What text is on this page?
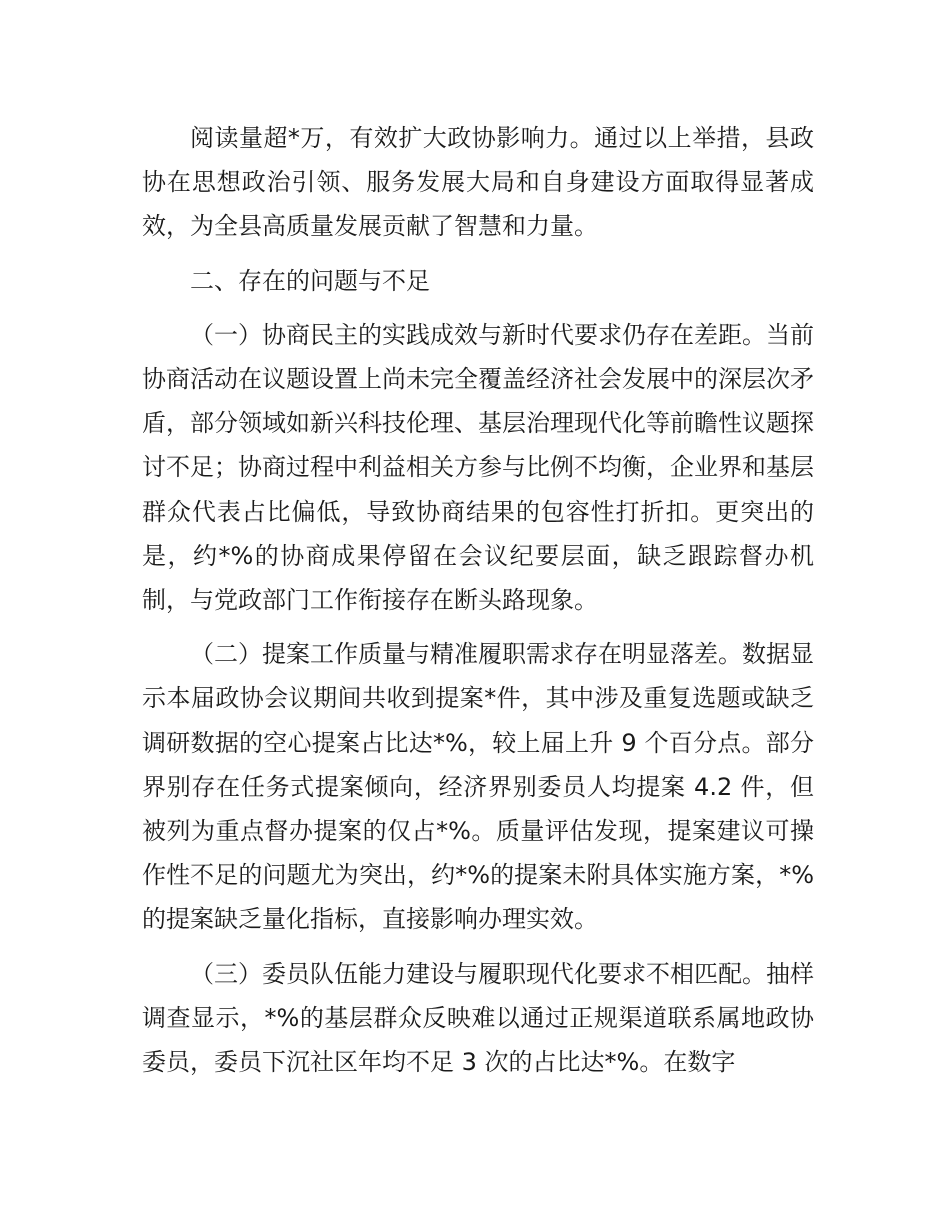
阅读量超*万，有效扩大政协影响力。通过以上举措，县政协在思想政治引领、服务发展大局和自身建设方面取得显著成效，为全县高质量发展贡献了智慧和力量。

二、存在的问题与不足

（一）协商民主的实践成效与新时代要求仍存在差距。当前协商活动在议题设置上尚未完全覆盖经济社会发展中的深层次矛盾，部分领域如新兴科技伦理、基层治理现代化等前瞻性议题探讨不足；协商过程中利益相关方参与比例不均衡，企业界和基层群众代表占比偏低，导致协商结果的包容性打折扣。更突出的是，约*%的协商成果停留在会议纪要层面，缺乏跟踪督办机制，与党政部门工作衔接存在断头路现象。

（二）提案工作质量与精准履职需求存在明显落差。数据显示本届政协会议期间共收到提案*件，其中涉及重复选题或缺乏调研数据的空心提案占比达*%，较上届上升 9 个百分点。部分界别存在任务式提案倾向，经济界别委员人均提案 4.2 件，但被列为重点督办提案的仅占*%。质量评估发现，提案建议可操作性不足的问题尤为突出，约*%的提案未附具体实施方案，*%的提案缺乏量化指标，直接影响办理实效。

（三）委员队伍能力建设与履职现代化要求不相匹配。抽样调查显示，*%的基层群众反映难以通过正规渠道联系属地政协委员，委员下沉社区年均不足 3 次的占比达*%。在数字
